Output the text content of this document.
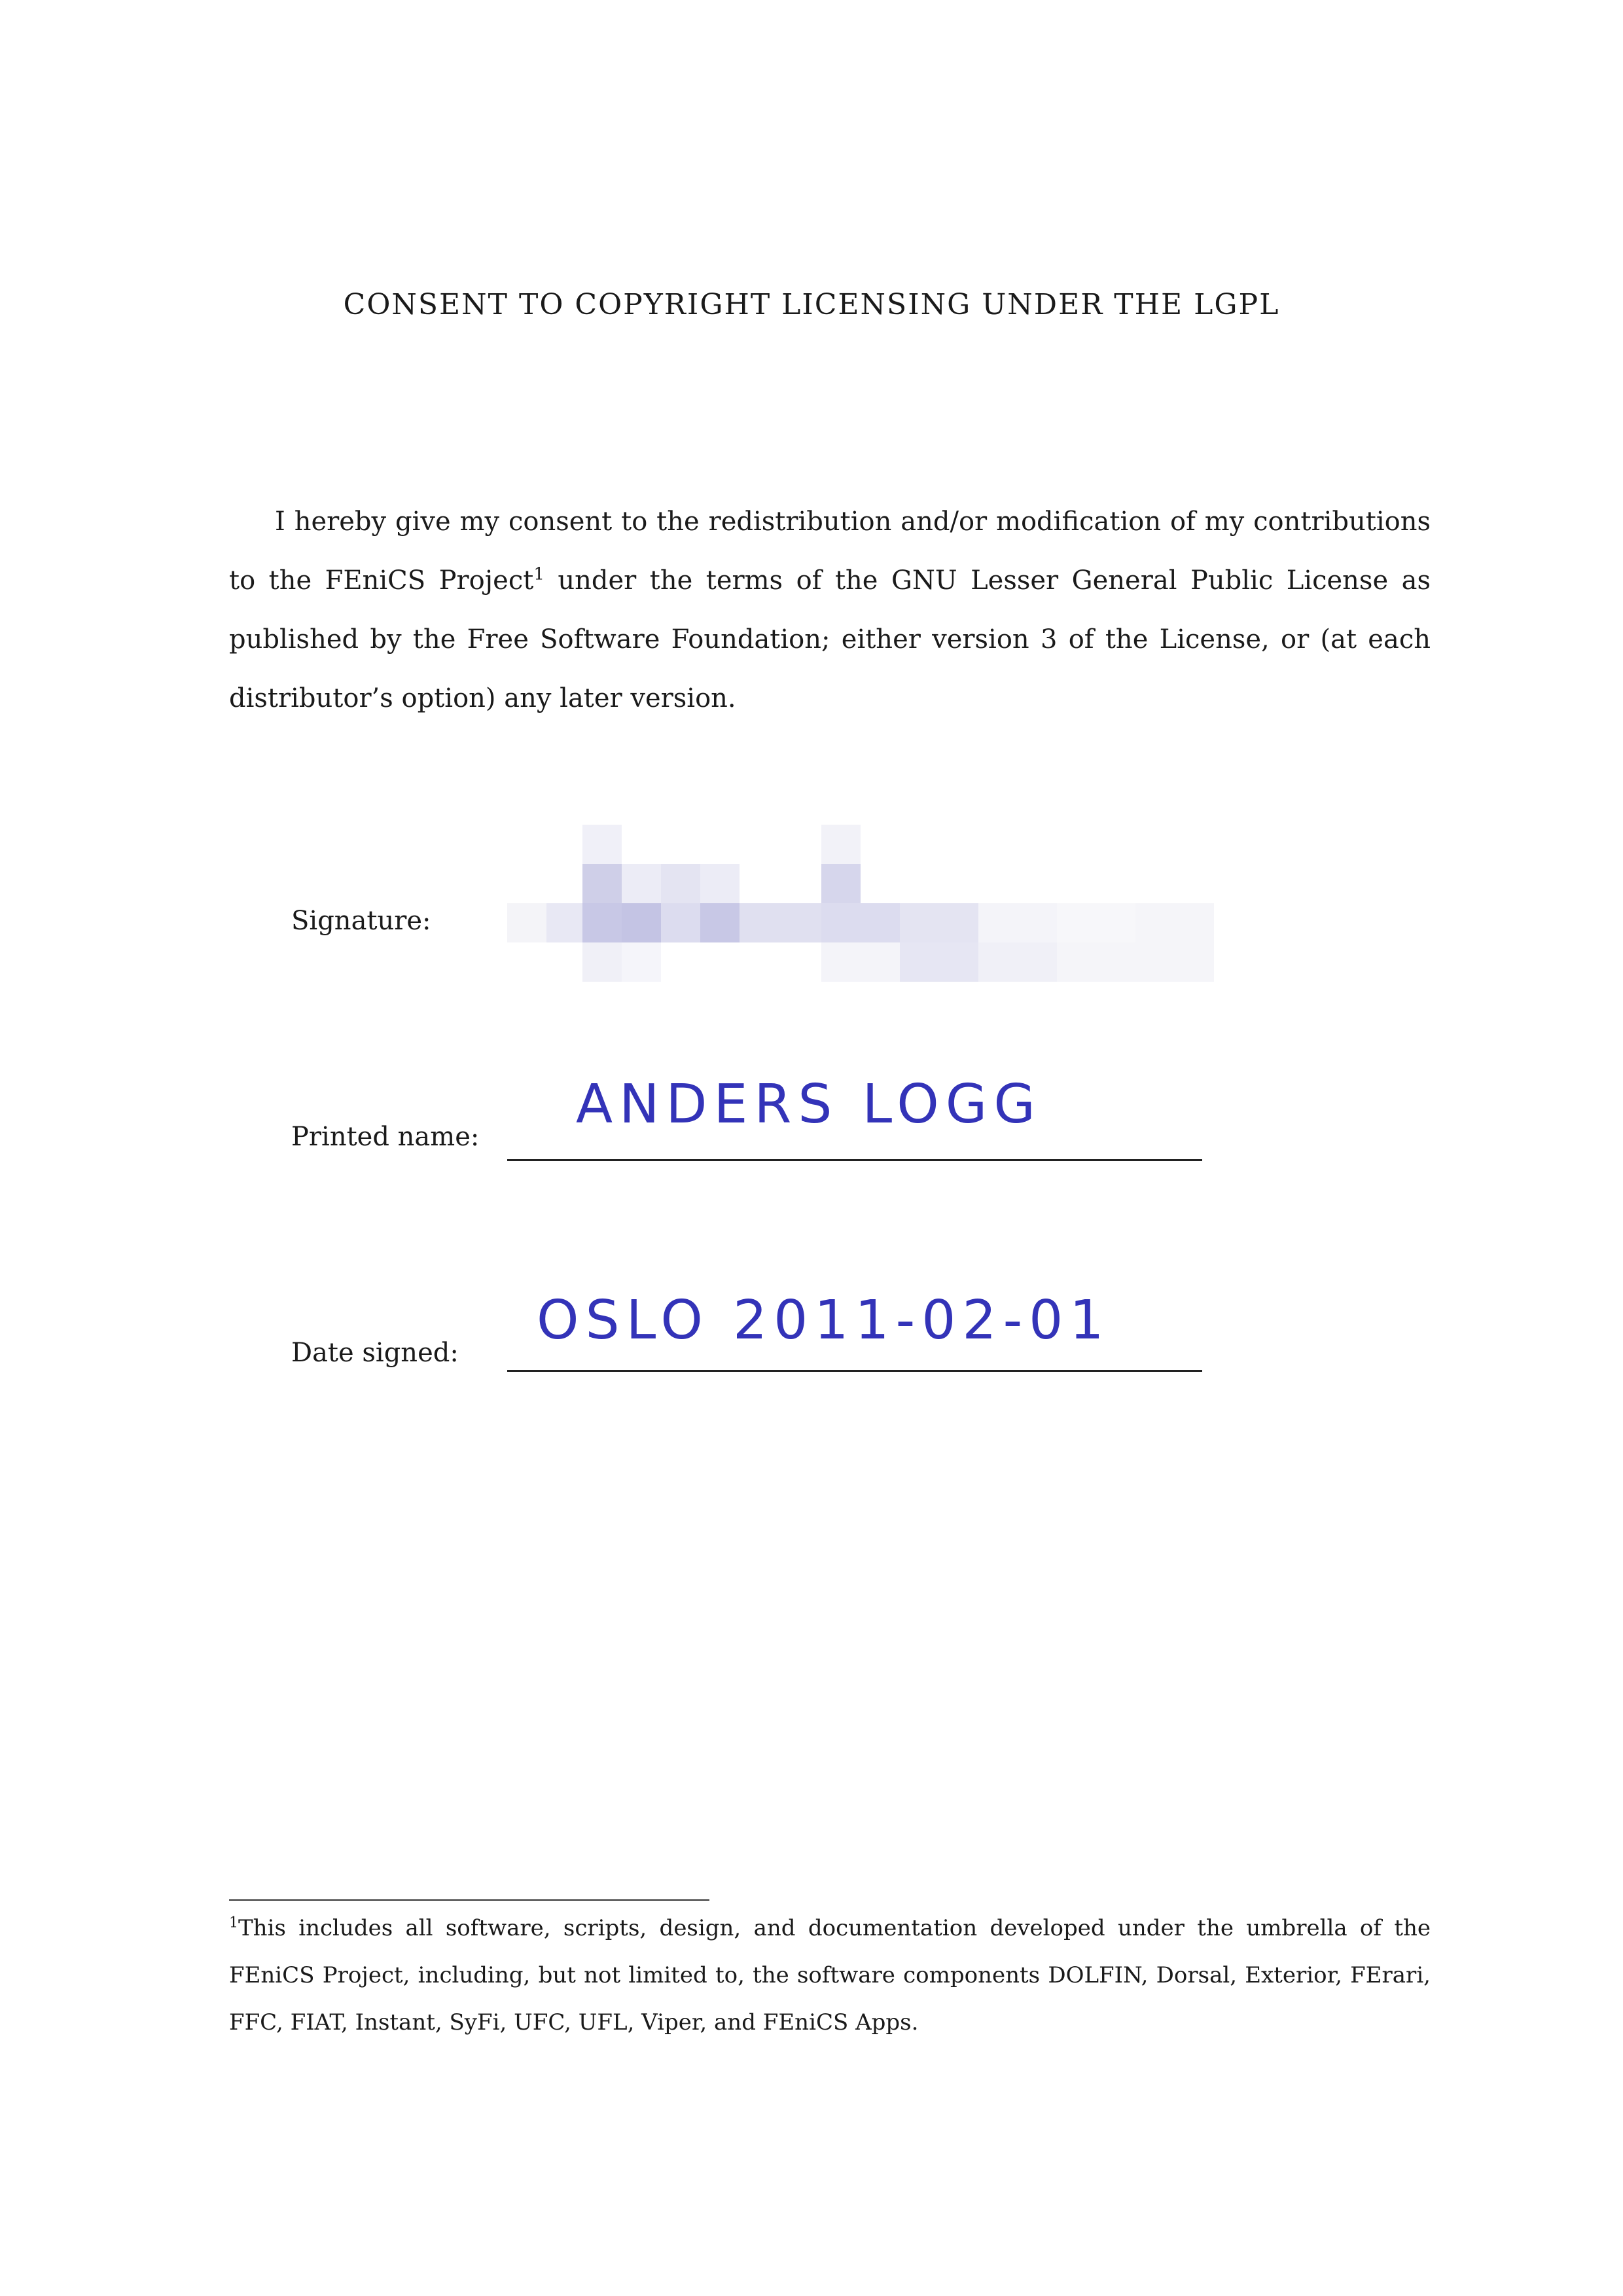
CONSENT TO COPYRIGHT LICENSING UNDER THE LGPL
I hereby give my consent to the redistribution and/or modification of my contributions to the FEniCS Project$^1$ under the terms of the GNU Lesser General Public License as published by the Free Software Foundation; either version 3 of the License, or (at each distributor’s option) any later version.
Signature:
Printed name:
ANDERS LOGG
Date signed:
OSLO 2011-02-01
$^1$This includes all software, scripts, design, and documentation developed under the umbrella of the FEniCS Project, including, but not limited to, the software components DOLFIN, Dorsal, Exterior, FErari, FFC, FIAT, Instant, SyFi, UFC, UFL, Viper, and FEniCS Apps.
